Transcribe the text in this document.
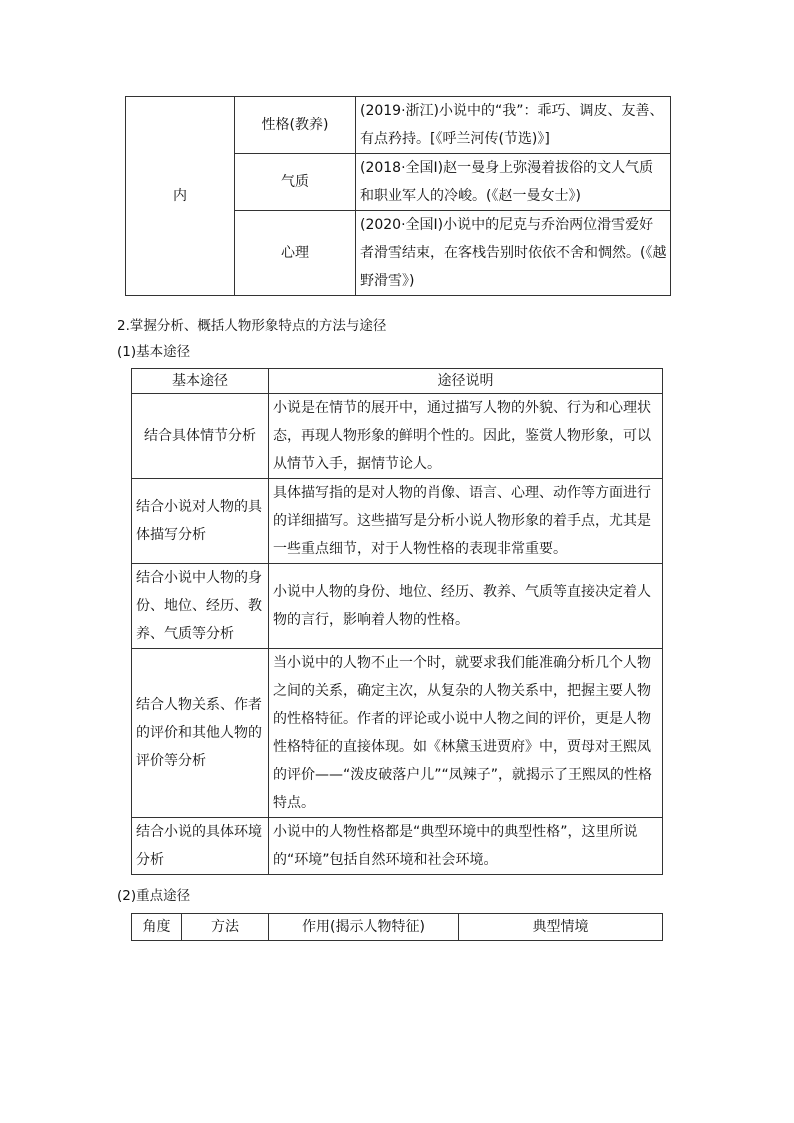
内	性格(教养)	(2019·浙江)小说中的“我”：乖巧、调皮、友善、有点矜持。[《呼兰河传(节选)》]
	气质	(2018·全国Ⅰ)赵一曼身上弥漫着拔俗的文人气质和职业军人的冷峻。(《赵一曼女士》)
	心理	(2020·全国Ⅰ)小说中的尼克与乔治两位滑雪爱好者滑雪结束，在客栈告别时依依不舍和惆然。(《越野滑雪》)
2.掌握分析、概括人物形象特点的方法与途径
(1)基本途径
基本途径	途径说明
结合具体情节分析	小说是在情节的展开中，通过描写人物的外貌、行为和心理状态，再现人物形象的鲜明个性的。因此，鉴赏人物形象，可以从情节入手，据情节论人。
结合小说对人物的具体描写分析	具体描写指的是对人物的肖像、语言、心理、动作等方面进行的详细描写。这些描写是分析小说人物形象的着手点，尤其是一些重点细节，对于人物性格的表现非常重要。
结合小说中人物的身份、地位、经历、教养、气质等分析	小说中人物的身份、地位、经历、教养、气质等直接决定着人物的言行，影响着人物的性格。
结合人物关系、作者的评价和其他人物的评价等分析	当小说中的人物不止一个时，就要求我们能准确分析几个人物之间的关系，确定主次，从复杂的人物关系中，把握主要人物的性格特征。作者的评论或小说中人物之间的评价，更是人物性格特征的直接体现。如《林黛玉进贾府》中，贾母对王熙凤的评价——“泼皮破落户儿”“凤辣子”，就揭示了王熙凤的性格特点。
结合小说的具体环境分析	小说中的人物性格都是“典型环境中的典型性格”，这里所说的“环境”包括自然环境和社会环境。
(2)重点途径
角度	方法	作用(揭示人物特征)	典型情境
